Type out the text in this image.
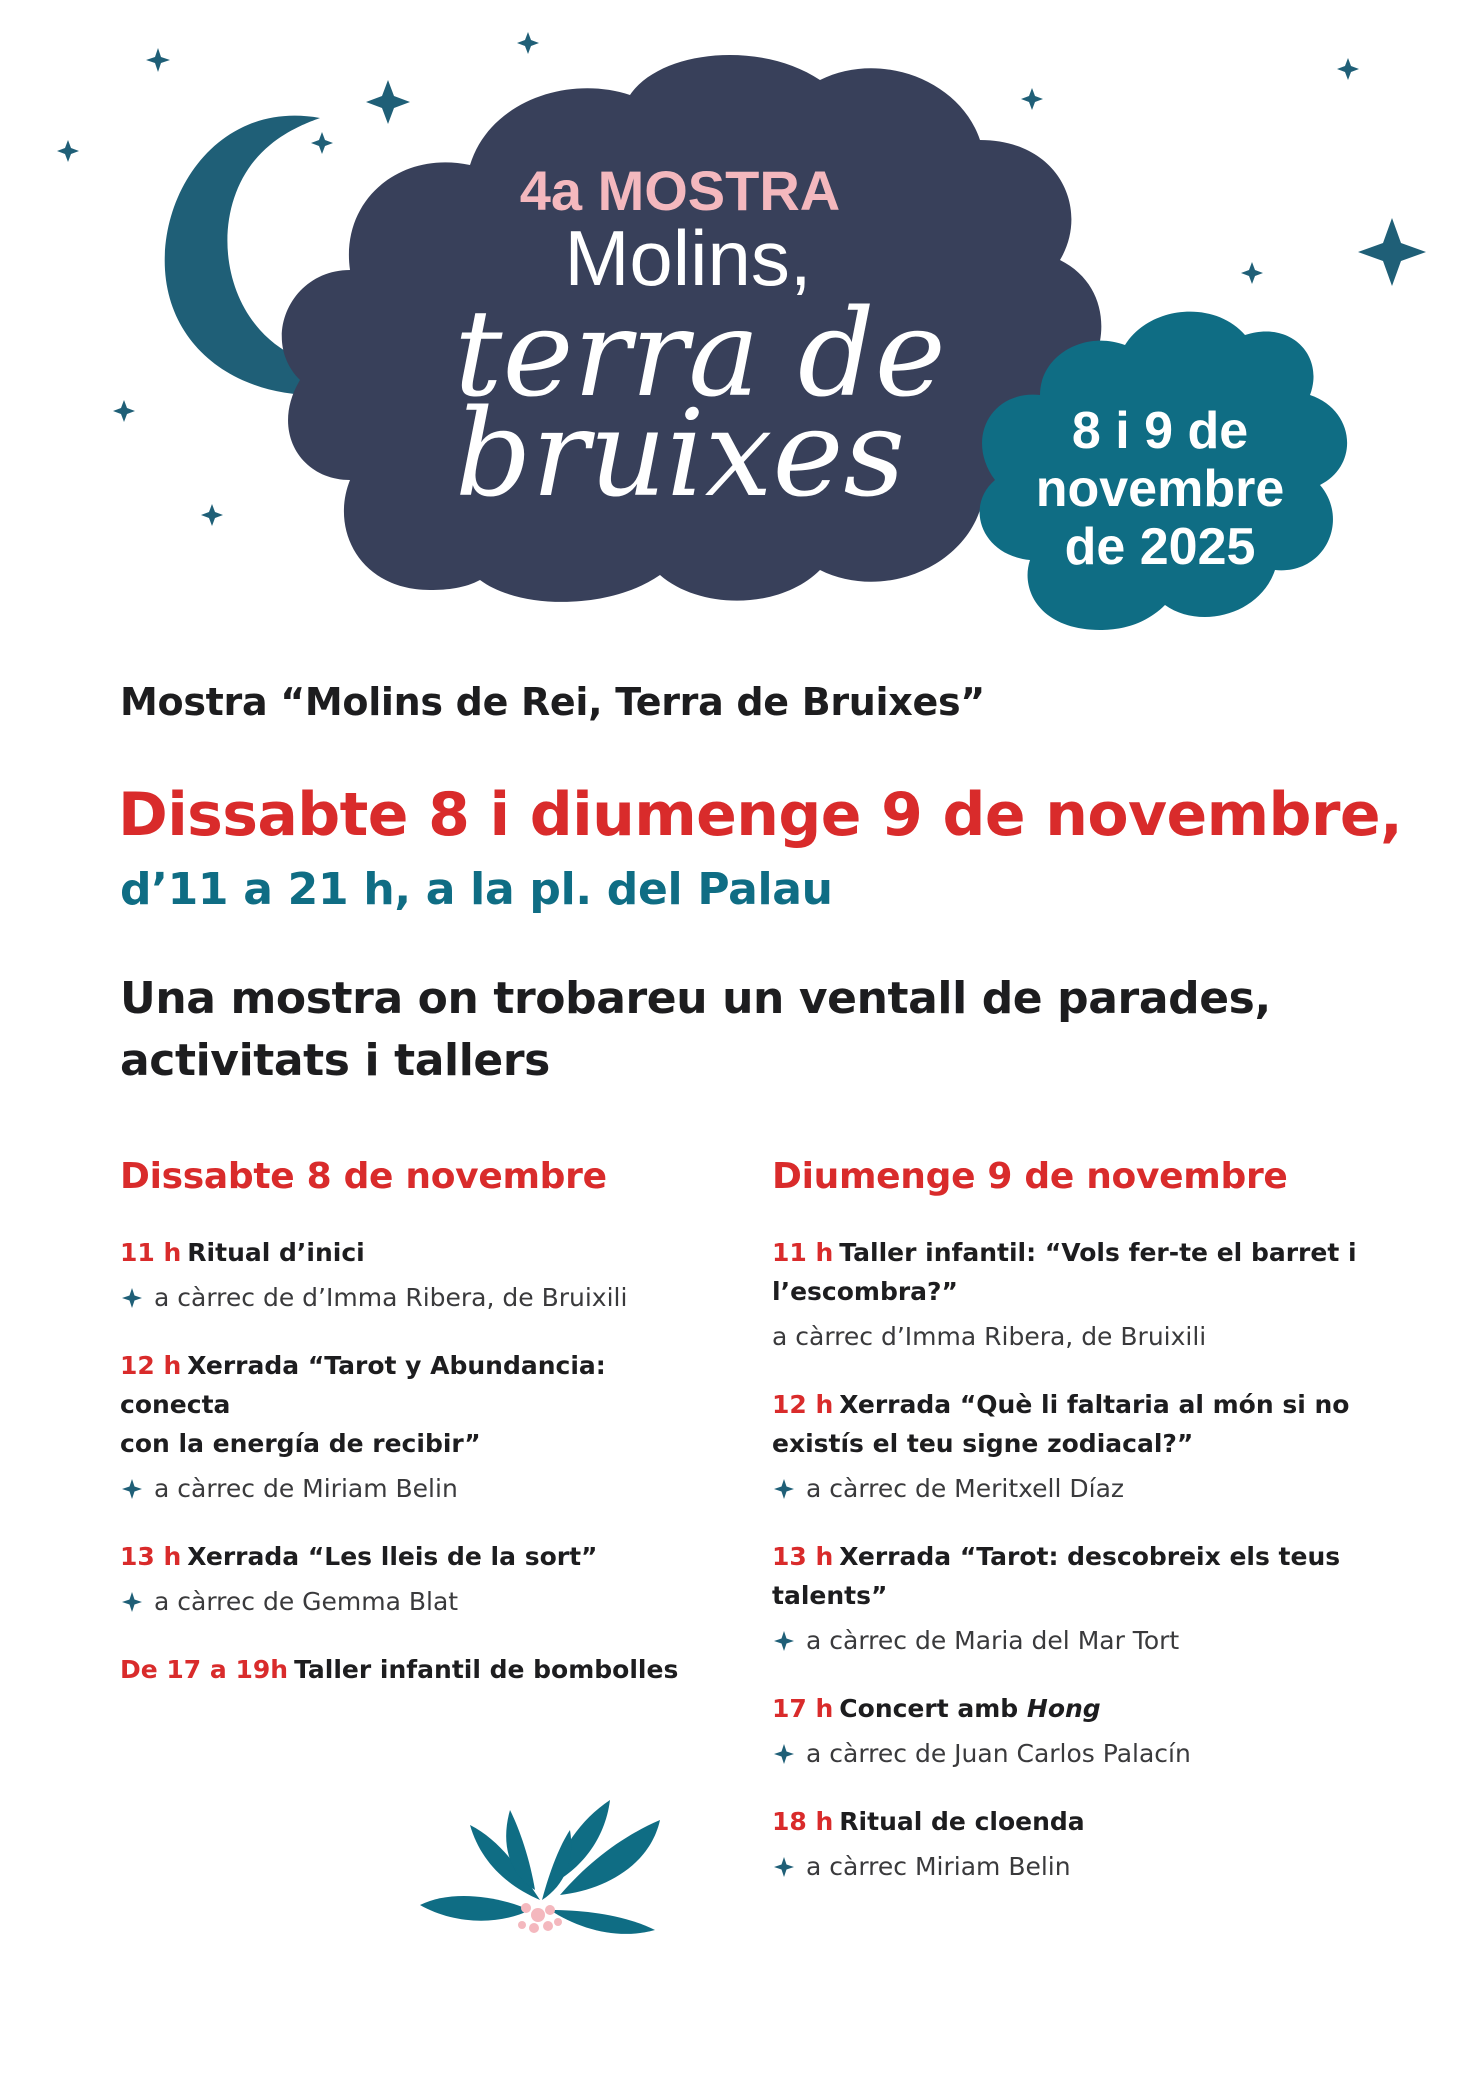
4a MOSTRA
Molins,
terra de
bruixes	8 i 9 de
novembre
de 2025
Mostra “Molins de Rei, Terra de Bruixes”
Dissabte 8 i diumenge 9 de novembre,
d’11 a 21 h, a la pl. del Palau
Una mostra on trobareu un ventall de parades, activitats i tallers
Dissabte 8 de novembre
11 h Ritual d’inici
a càrrec de d’Imma Ribera, de Bruixili
12 h Xerrada “Tarot y Abundancia: conecta
con la energía de recibir”
a càrrec de Miriam Belin
13 h Xerrada “Les lleis de la sort”
a càrrec de Gemma Blat
De 17 a 19h Taller infantil de bombolles
Diumenge 9 de novembre
11 h Taller infantil: “Vols fer-te el barret i
l’escombra?”
a càrrec d’Imma Ribera, de Bruixili
12 h Xerrada “Què li faltaria al món si no
existís el teu signe zodiacal?”
a càrrec de Meritxell Díaz
13 h Xerrada “Tarot: descobreix els teus
talents”
a càrrec de Maria del Mar Tort
17 h Concert amb Hong
a càrrec de Juan Carlos Palacín
18 h Ritual de cloenda
a càrrec Miriam Belin
